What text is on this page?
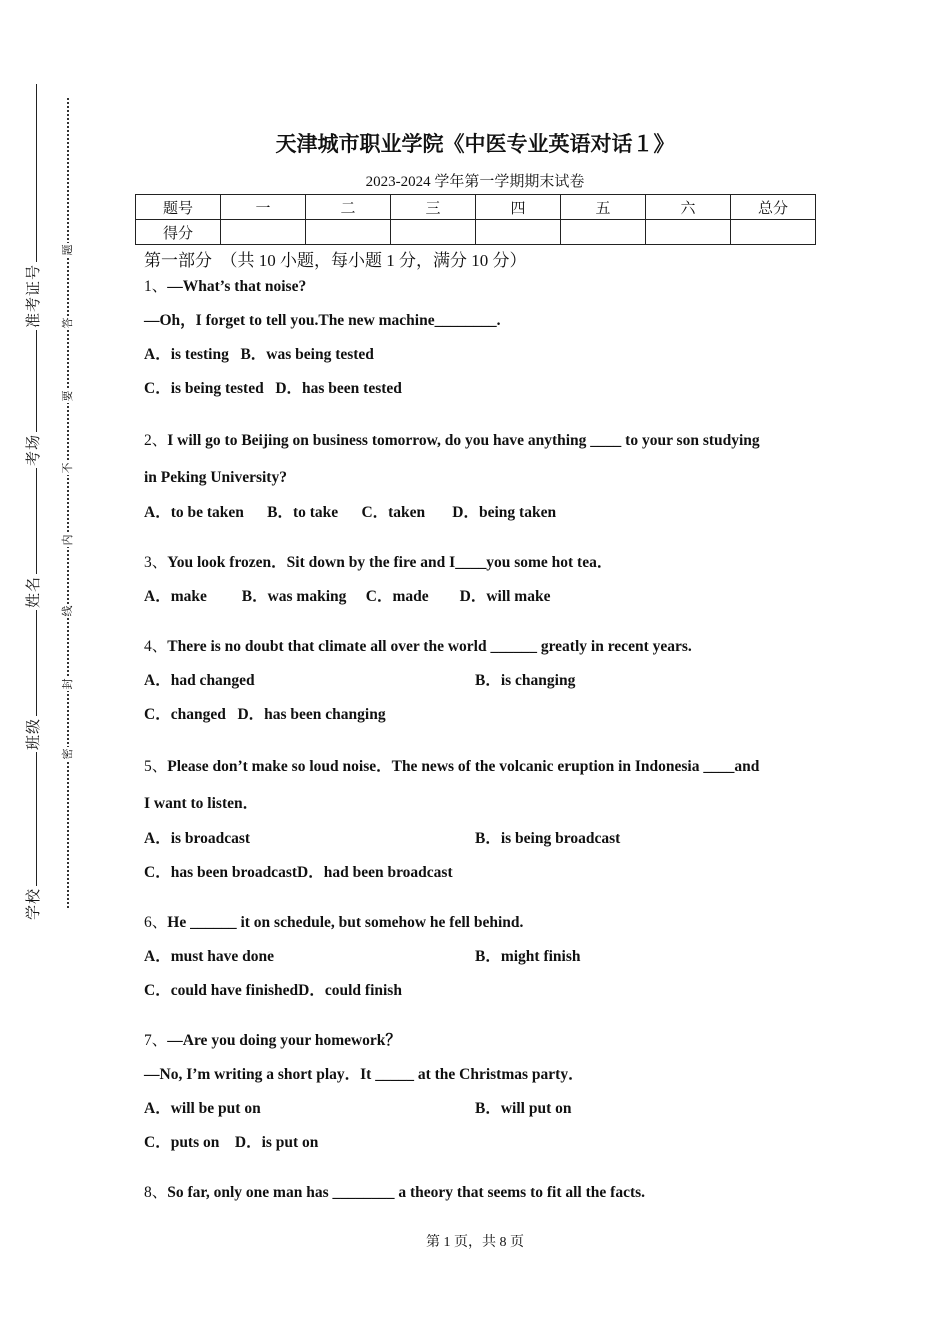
准考证号
考场
姓名
班级
学校
题
答
要
不
内
线
封
密
天津城市职业学院《中医专业英语对话１》
2023-2024 学年第一学期期末试卷
题号	一	二	三	四	五	六	总分
得分							
第一部分　（共 10 小题，每小题 1 分，满分 10 分）
1、—What’s that noise?
—Oh，I forget to tell you.The new machine________.
A．is testing B．was being tested
C．is being tested D．has been tested
2、I will go to Beijing on business tomorrow, do you have anything ____ to your son studying
in Peking University?
A．to be taken B．to take C．taken D．being taken
3、You look frozen．Sit down by the fire and I____you some hot tea．
A．make B．was making C．made D．will make
4、There is no doubt that climate all over the world ______ greatly in recent years.
A．had changed	B．is changing
C．changed D．has been changing
5、Please don’t make so loud noise．The news of the volcanic eruption in Indonesia ____and
I want to listen．
A．is broadcast	B．is being broadcast
C．has been broadcastD．had been broadcast
6、He ______ it on schedule, but somehow he fell behind.
A．must have done	B．might finish
C．could have finishedD．could finish
7、—Are you doing your homework？
—No, I’m writing a short play．It _____ at the Christmas party．
A．will be put on	B．will put on
C．puts on D．is put on
8、So far, only one man has ________ a theory that seems to fit all the facts.
第 1 页，共 8 页
